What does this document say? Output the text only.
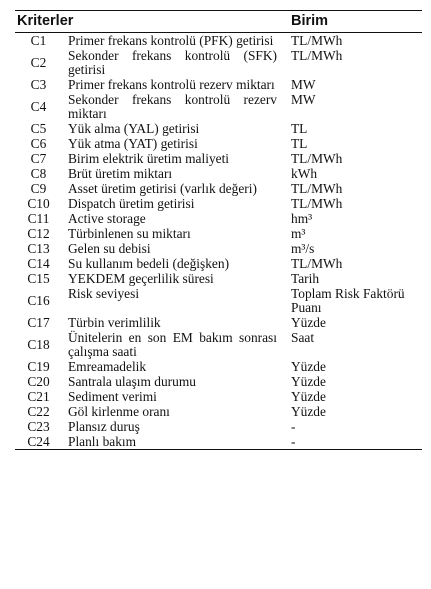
Kriterler		Birim
C1	Primer frekans kontrolü (PFK) getirisi	TL/MWh
C2	Sekonder frekans kontrolü (SFK) getirisi	TL/MWh
C3	Primer frekans kontrolü rezerv miktarı	MW
C4	Sekonder frekans kontrolü rezerv miktarı	MW
C5	Yük alma (YAL) getirisi	TL
C6	Yük atma (YAT) getirisi	TL
C7	Birim elektrik üretim maliyeti	TL/MWh
C8	Brüt üretim miktarı	kWh
C9	Asset üretim getirisi (varlık değeri)	TL/MWh
C10	Dispatch üretim getirisi	TL/MWh
C11	Active storage	hm³
C12	Türbinlenen su miktarı	m³
C13	Gelen su debisi	m³/s
C14	Su kullanım bedeli (değişken)	TL/MWh
C15	YEKDEM geçerlilik süresi	Tarih
C16	Risk seviyesi	Toplam Risk Faktörü Puanı
C17	Türbin verimlilik	Yüzde
C18	Ünitelerin en son EM bakım sonrası çalışma saati	Saat
C19	Emreamadelik	Yüzde
C20	Santrala ulaşım durumu	Yüzde
C21	Sediment verimi	Yüzde
C22	Göl kirlenme oranı	Yüzde
C23	Plansız duruş	-
C24	Planlı bakım	-
